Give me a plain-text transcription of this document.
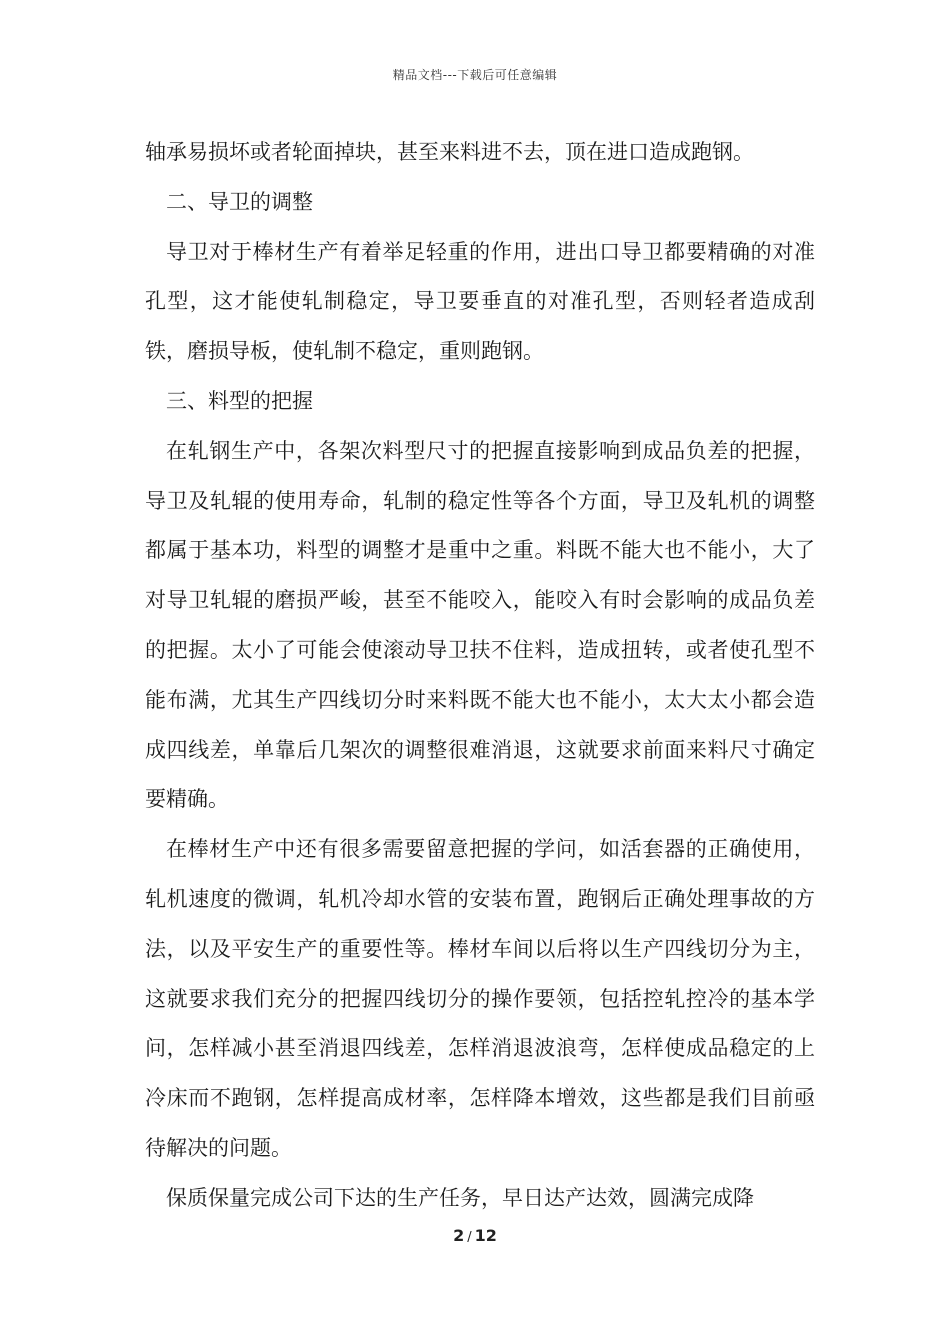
精品文档---下载后可任意编辑

轴承易损坏或者轮面掉块，甚至来料进不去，顶在进口造成跑钢。

二、导卫的调整

导卫对于棒材生产有着举足轻重的作用，进出口导卫都要精确的对准孔型，这才能使轧制稳定，导卫要垂直的对准孔型，否则轻者造成刮铁，磨损导板，使轧制不稳定，重则跑钢。

三、料型的把握

在轧钢生产中，各架次料型尺寸的把握直接影响到成品负差的把握，导卫及轧辊的使用寿命，轧制的稳定性等各个方面，导卫及轧机的调整都属于基本功，料型的调整才是重中之重。料既不能大也不能小，大了对导卫轧辊的磨损严峻，甚至不能咬入，能咬入有时会影响的成品负差的把握。太小了可能会使滚动导卫扶不住料，造成扭转，或者使孔型不能布满，尤其生产四线切分时来料既不能大也不能小，太大太小都会造成四线差，单靠后几架次的调整很难消退，这就要求前面来料尺寸确定要精确。

在棒材生产中还有很多需要留意把握的学问，如活套器的正确使用，轧机速度的微调，轧机冷却水管的安装布置，跑钢后正确处理事故的方法，以及平安生产的重要性等。棒材车间以后将以生产四线切分为主，这就要求我们充分的把握四线切分的操作要领，包括控轧控冷的基本学问，怎样减小甚至消退四线差，怎样消退波浪弯，怎样使成品稳定的上冷床而不跑钢，怎样提高成材率，怎样降本增效，这些都是我们目前亟待解决的问题。

保质保量完成公司下达的生产任务，早日达产达效，圆满完成降

2 / 12
